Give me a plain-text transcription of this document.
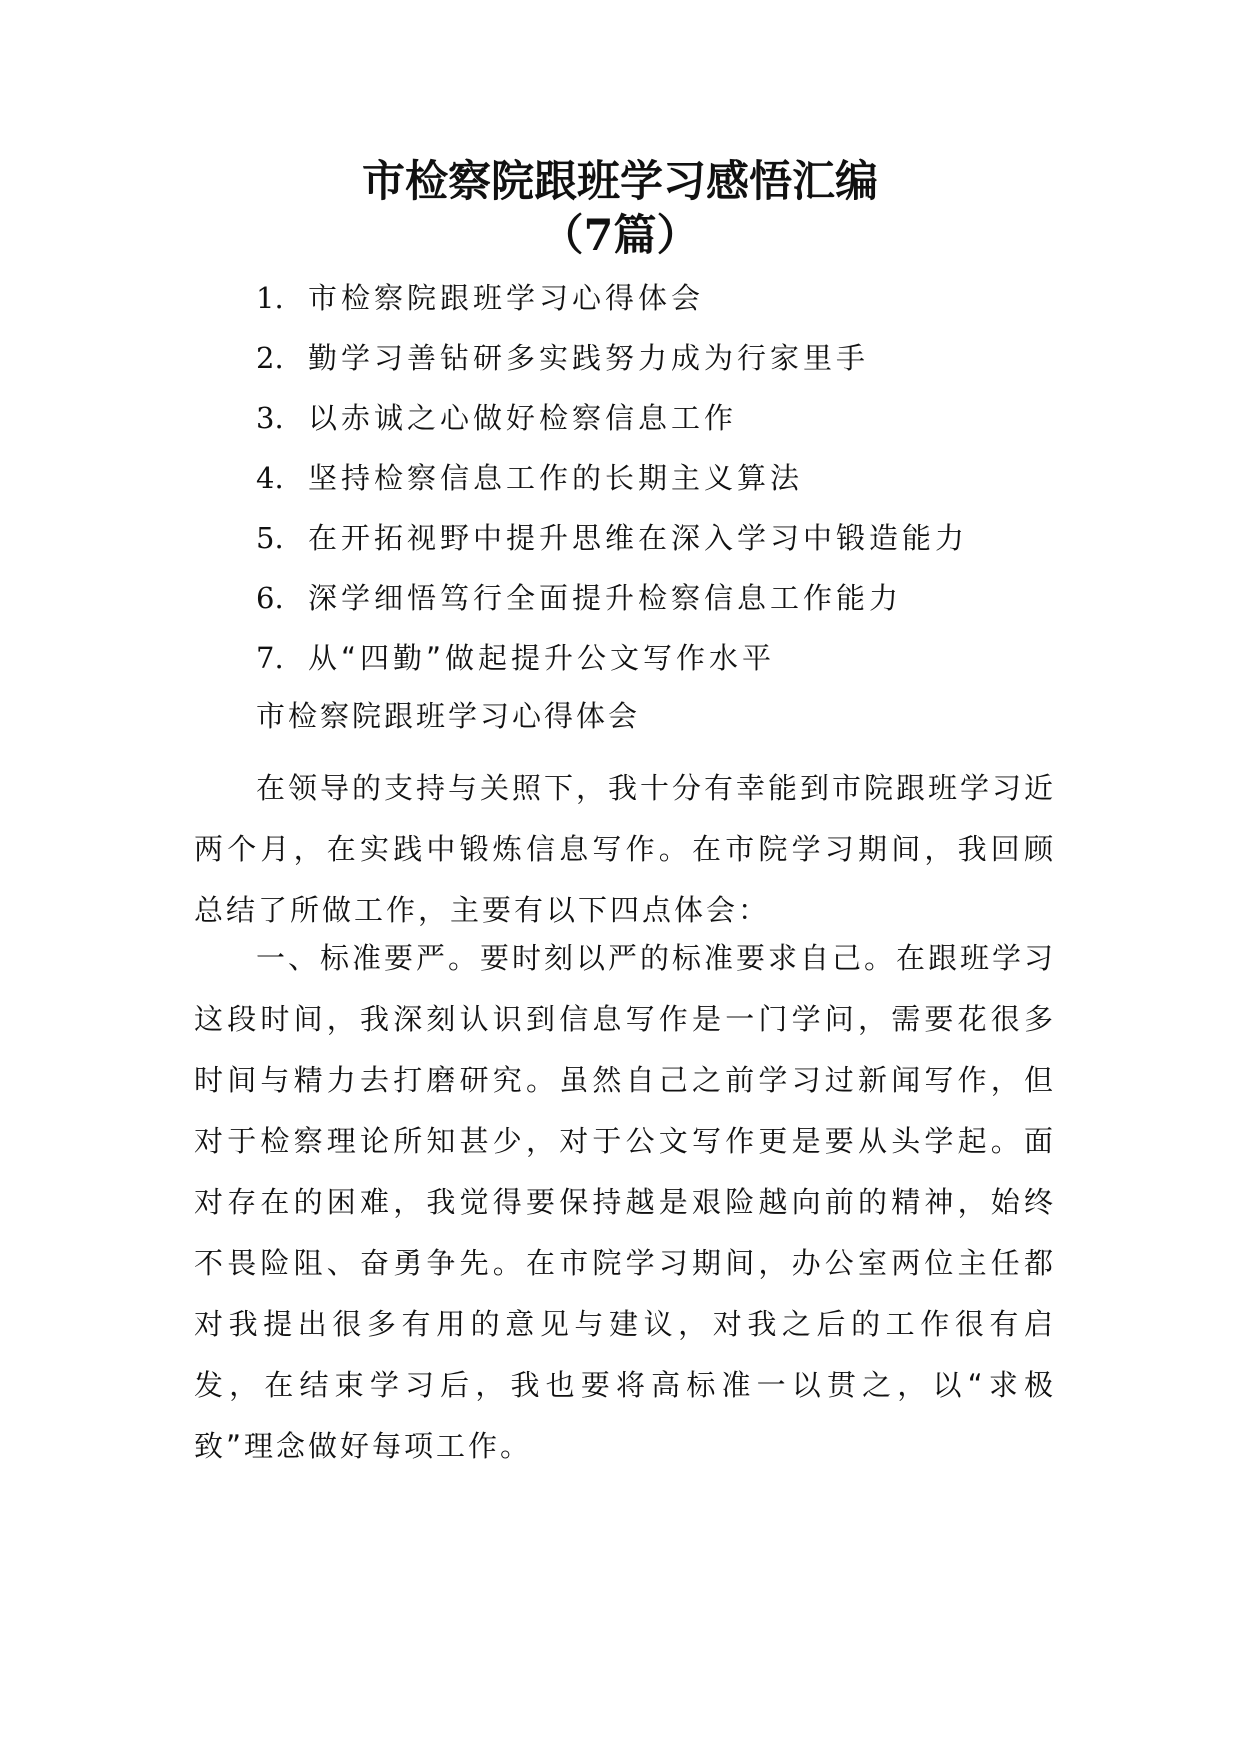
市检察院跟班学习感悟汇编
（7篇）
1. 市检察院跟班学习心得体会
2. 勤学习善钻研多实践努力成为行家里手
3. 以赤诚之心做好检察信息工作
4. 坚持检察信息工作的长期主义算法
5. 在开拓视野中提升思维在深入学习中锻造能力
6. 深学细悟笃行全面提升检察信息工作能力
7. 从“四勤”做起提升公文写作水平
市检察院跟班学习心得体会

在领导的支持与关照下，我十分有幸能到市院跟班学习近两个月，在实践中锻炼信息写作。在市院学习期间，我回顾总结了所做工作，主要有以下四点体会：

一、标准要严。要时刻以严的标准要求自己。在跟班学习这段时间，我深刻认识到信息写作是一门学问，需要花很多时间与精力去打磨研究。虽然自己之前学习过新闻写作，但对于检察理论所知甚少，对于公文写作更是要从头学起。面对存在的困难，我觉得要保持越是艰险越向前的精神，始终不畏险阻、奋勇争先。在市院学习期间，办公室两位主任都对我提出很多有用的意见与建议，对我之后的工作很有启发，在结束学习后，我也要将高标准一以贯之，以“求极致”理念做好每项工作。
